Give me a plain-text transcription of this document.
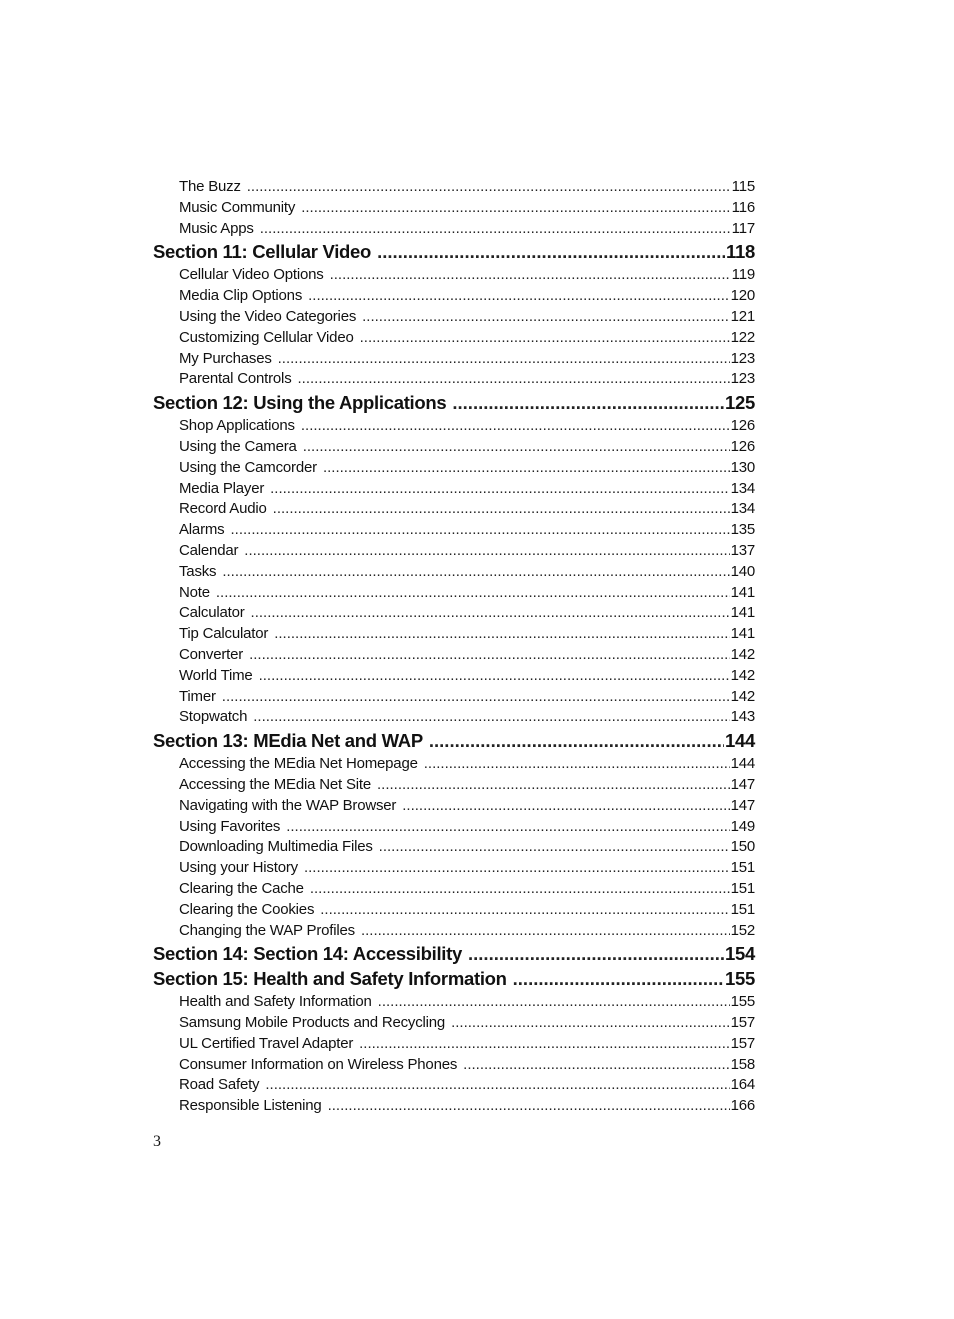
The Buzz .....	115
Music Community .....	116
Music Apps .....	117
Section 11: Cellular Video .....	118
Cellular Video Options .....	119
Media Clip Options .....	120
Using the Video Categories .....	121
Customizing Cellular Video .....	122
My Purchases .....	123
Parental Controls .....	123
Section 12: Using the Applications .....	125
Shop Applications .....	126
Using the Camera .....	126
Using the Camcorder .....	130
Media Player .....	134
Record Audio .....	134
Alarms .....	135
Calendar .....	137
Tasks .....	140
Note .....	141
Calculator .....	141
Tip Calculator .....	141
Converter .....	142
World Time .....	142
Timer .....	142
Stopwatch .....	143
Section 13: MEdia Net and WAP .....	144
Accessing the MEdia Net Homepage .....	144
Accessing the MEdia Net Site .....	147
Navigating with the WAP Browser .....	147
Using Favorites .....	149
Downloading Multimedia Files .....	150
Using your History .....	151
Clearing the Cache .....	151
Clearing the Cookies .....	151
Changing the WAP Profiles .....	152
Section 14: Section 14: Accessibility .....	154
Section 15: Health and Safety Information .....	155
Health and Safety Information .....	155
Samsung Mobile Products and Recycling .....	157
UL Certified Travel Adapter .....	157
Consumer Information on Wireless Phones .....	158
Road Safety .....	164
Responsible Listening .....	166
3
